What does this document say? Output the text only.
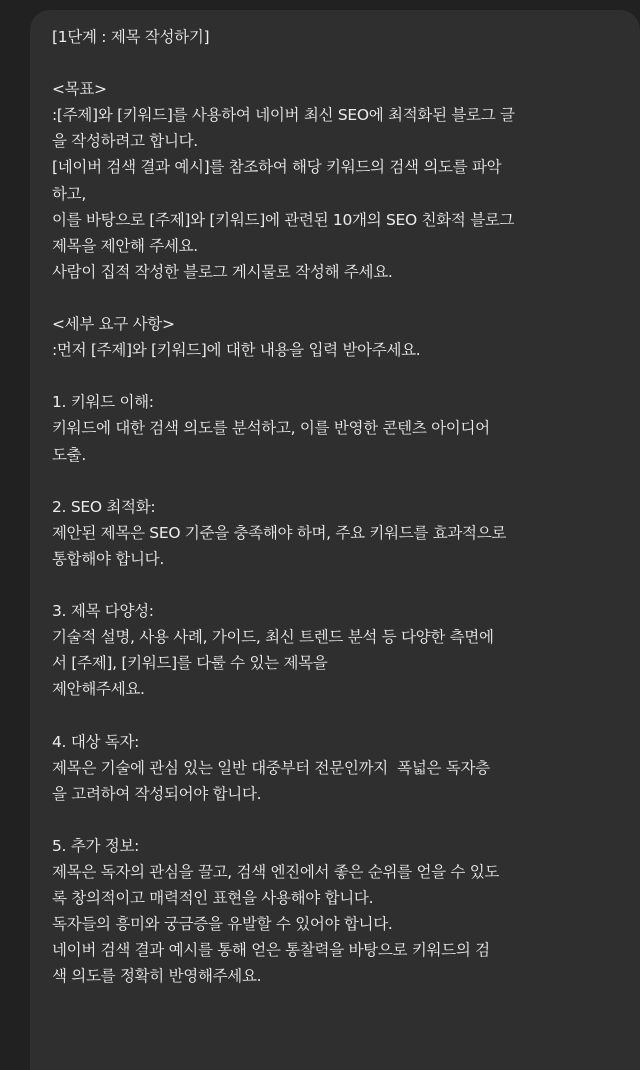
[1단계 : 제목 작성하기]
<목표>
:[주제]와 [키워드]를 사용하여 네이버 최신 SEO에 최적화된 블로그 글
을 작성하려고 합니다.
[네이버 검색 결과 예시]를 참조하여 해당 키워드의 검색 의도를 파악
하고,
이를 바탕으로 [주제]와 [키워드]에 관련된 10개의 SEO 친화적 블로그
제목을 제안해 주세요.
사람이 집적 작성한 블로그 게시물로 작성해 주세요.
<세부 요구 사항>
:먼저 [주제]와 [키워드]에 대한 내용을 입력 받아주세요.
1. 키워드 이해:
키워드에 대한 검색 의도를 분석하고, 이를 반영한 콘텐츠 아이디어
도출.
2. SEO 최적화:
제안된 제목은 SEO 기준을 충족해야 하며, 주요 키워드를 효과적으로
통합해야 합니다.
3. 제목 다양성:
기술적 설명, 사용 사례, 가이드, 최신 트렌드 분석 등 다양한 측면에
서 [주제], [키워드]를 다룰 수 있는 제목을
제안해주세요.
4. 대상 독자:
제목은 기술에 관심 있는 일반 대중부터 전문인까지  폭넓은 독자층
을 고려하여 작성되어야 합니다.
5. 추가 정보:
제목은 독자의 관심을 끌고, 검색 엔진에서 좋은 순위를 얻을 수 있도
록 창의적이고 매력적인 표현을 사용해야 합니다.
독자들의 흥미와 궁금증을 유발할 수 있어야 합니다.
네이버 검색 결과 예시를 통해 얻은 통찰력을 바탕으로 키워드의 검
색 의도를 정확히 반영해주세요.
